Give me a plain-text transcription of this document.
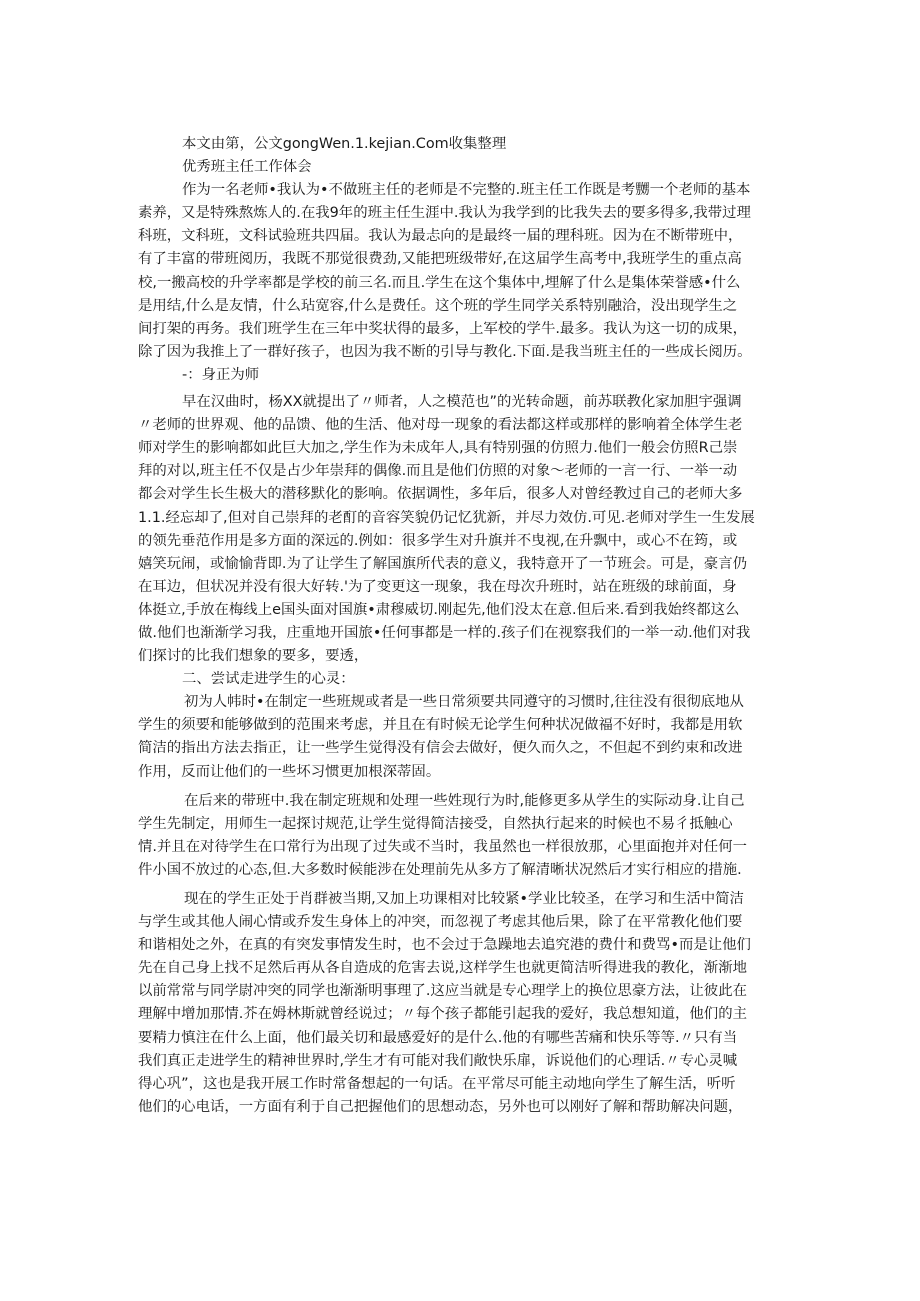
本文由第，公文gongWen.1.kejian.Com收集整理
优秀班主任工作体会
作为一名老师•我认为•不做班主任的老师是不完整的.班主任工作既是考嬲一个老师的基本
素养，又是特殊熬炼人的.在我9年的班主任生涯中.我认为我学到的比我失去的要多得多,我带过理
科班，文科班，文科试验班共四届。我认为最忐向的是最终一届的理科班。因为在不断带班中，
有了丰富的带班阅历，我既不那觉很费劲,又能把班级带好,在这届学生高考中,我班学生的重点高
校,一搬高校的升学率都是学校的前三名.而且.学生在这个集体中,埋解了什么是集体荣誉感•什么
是用结,什么是友情，什么玷宽容,什么是费任。这个班的学生同学关系特别融洽，没出现学生之
间打架的再务。我们班学生在三年中奖状得的最多，上军校的学牛.最多。我认为这一切的成果，
除了因为我推上了一群好孩子，也因为我不断的引导与教化.下面.是我当班主任的一些成长阅历。
-：身正为师
早在汉曲时，杨XX就提出了〃师者，人之模范也”的光转命题，前苏联教化家加胆宇强调
〃老师的世界观、他的品馈、他的生活、他对母一现象的看法都这样或那样的影响着全体学生老
师对学生的影响都如此巨大加之,学生作为未成年人,具有特别强的仿照力.他们一般会仿照R己崇
拜的对以,班主任不仅是占少年崇拜的偶像.而且是他们仿照的对象〜老师的一言一行、一举一动
都会对学生长生极大的潜移默化的影响。依据调性，多年后，很多人对曾经教过自己的老师大多
1.1.经忘却了,但对自己崇拜的老酊的音容笑貌仍记忆犹新，并尽力效仿.可见.老师对学生一生发展
的领先垂范作用是多方面的深远的.例如：很多学生对升旗并不曳视,在升飘中，或心不在筠，或
嬉笑玩闹，或愉愉背即.为了让学生了解国旗所代表的意义，我特意开了一节班会。可是，豪言仍
在耳边，但状况并没有很大好转.'为了变更这一现象，我在母次升班时，站在班级的球前面，身
体挺立,手放在梅线上e国头面对国旗•肃穆威切.刚起先,他们没太在意.但后来.看到我始终都这么
做.他们也渐渐学习我，庄重地开国旅•任何事都是一样的.孩子们在视察我们的一举一动.他们对我
们探讨的比我们想象的要多，要透，
二、尝试走进学生的心灵：
初为人帏时•在制定一些班规或者是一些日常须要共同遵守的习惯时,往往没有很彻底地从
学生的须要和能够做到的范围来考虑，并且在有时候无论学生何种状况做福不好时，我都是用软
简洁的指出方法去指正，让一些学生觉得没有信会去做好，便久而久之，不但起不到约束和改进
作用，反而让他们的一些坏习惯更加根深蒂固。
在后来的带班中.我在制定班规和处理一些姓现行为时,能修更多从学生的实际动身.让自己
学生先制定，用师生一起探讨规范,让学生觉得简洁接受，自然执行起来的时候也不易彳抵触心
情.并且在对待学生在口常行为出现了过失或不当时，我虽然也一样很放那，心里面抱并对任何一
件小国不放过的心态,但.大多数时候能涉在处理前先从多方了解清晰状况然后才实行相应的措施.
现在的学生正处于肖群被当期,又加上功课相对比较紧•学业比较圣，在学习和生活中简洁
与学生或其他人闹心情或乔发生身体上的冲突，而忽视了考虑其他后果，除了在平常教化他们要
和谐相处之外，在真的有突发事情发生时，也不会过于急躁地去追究港的费什和费骂•而是让他们
先在自己身上找不足然后再从各自造成的危害去说,这样学生也就更简洁听得进我的教化，渐渐地
以前常常与同学尉冲突的同学也渐渐明事理了.这应当就是专心理学上的换位思豪方法，让彼此在
理解中增加那情.芥在姆林斯就曾经说过；〃每个孩子都能引起我的爱好，我总想知道，他们的主
要精力慎注在什么上面，他们最关切和最感爱好的是什么.他的有哪些苦痛和快乐等等.〃只有当
我们真正走进学生的精神世界时,学生才有可能对我们敞快乐扉，诉说他们的心理话.〃专心灵喊
得心巩”，这也是我开展工作时常备想起的一句话。在平常尽可能主动地向学生了解生活，听听
他们的心电话，一方面有利于自己把握他们的思想动态，另外也可以刚好了解和帮助解决问题，
